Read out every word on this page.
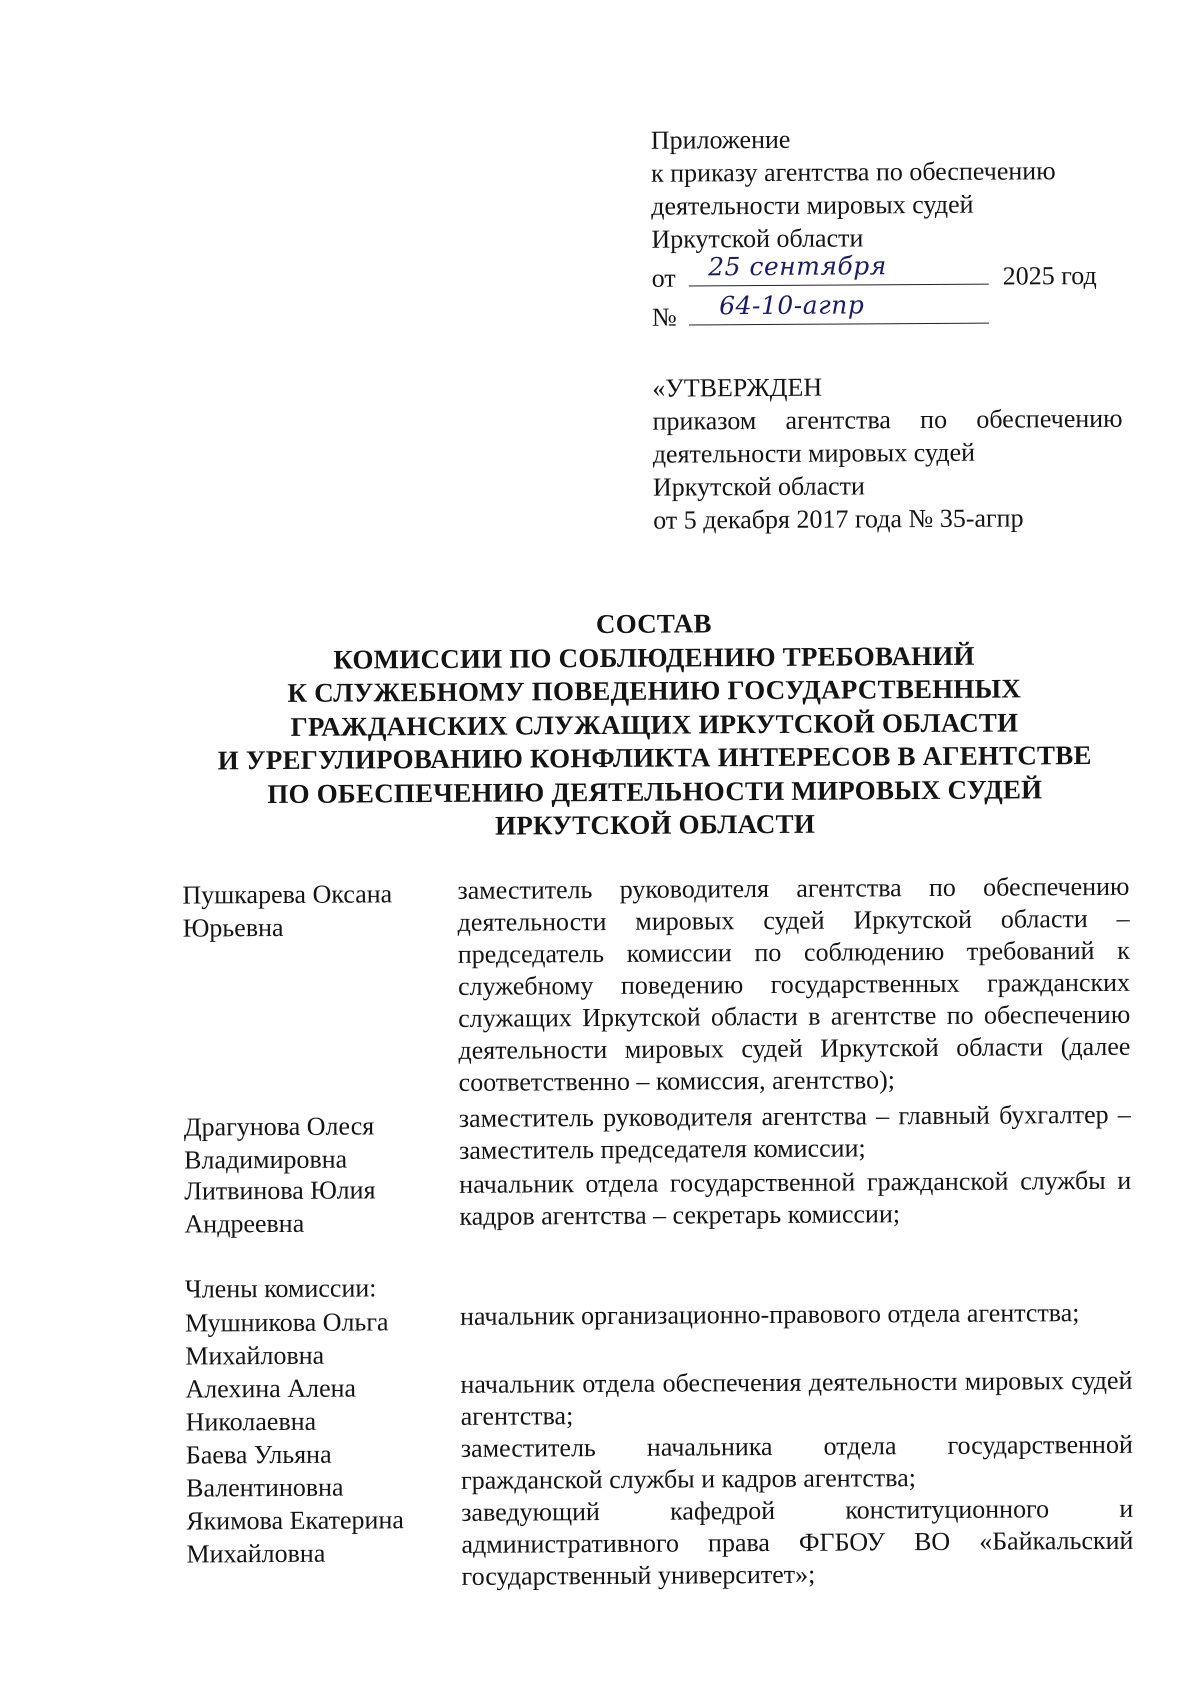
Приложение
к приказу агентства по обеспечению
деятельности мировых судей
Иркутской области
от 25 сентября	2025 год
№ 64-10-агпр
«УТВЕРЖДЕН
приказом агентства по обеспечению
деятельности мировых судей
Иркутской области
от 5 декабря 2017 года № 35-агпр
СОСТАВ
КОМИССИИ ПО СОБЛЮДЕНИЮ ТРЕБОВАНИЙ
К СЛУЖЕБНОМУ ПОВЕДЕНИЮ ГОСУДАРСТВЕННЫХ
ГРАЖДАНСКИХ СЛУЖАЩИХ ИРКУТСКОЙ ОБЛАСТИ
И УРЕГУЛИРОВАНИЮ КОНФЛИКТА ИНТЕРЕСОВ В АГЕНТСТВЕ
ПО ОБЕСПЕЧЕНИЮ ДЕЯТЕЛЬНОСТИ МИРОВЫХ СУДЕЙ
ИРКУТСКОЙ ОБЛАСТИ
Пушкарева Оксана
Юрьевна
заместитель руководителя агентства по обеспечению деятельности мировых судей Иркутской области – председатель комиссии по соблюдению требований к служебному поведению государственных гражданских служащих Иркутской области в агентстве по обеспечению деятельности мировых судей Иркутской области (далее соответственно – комиссия, агентство);
Драгунова Олеся
Владимировна
заместитель руководителя агентства – главный бухгалтер – заместитель председателя комиссии;
Литвинова Юлия
Андреевна
начальник отдела государственной гражданской службы и кадров агентства – секретарь комиссии;
Члены комиссии:
Мушникова Ольга
Михайловна
начальник организационно-правового отдела агентства;
Алехина Алена
Николаевна
начальник отдела обеспечения деятельности мировых судей агентства;
Баева Ульяна
Валентиновна
заместитель начальника отдела государственной гражданской службы и кадров агентства;
Якимова Екатерина
Михайловна
заведующий кафедрой конституционного и административного права ФГБОУ ВО «Байкальский государственный университет»;
